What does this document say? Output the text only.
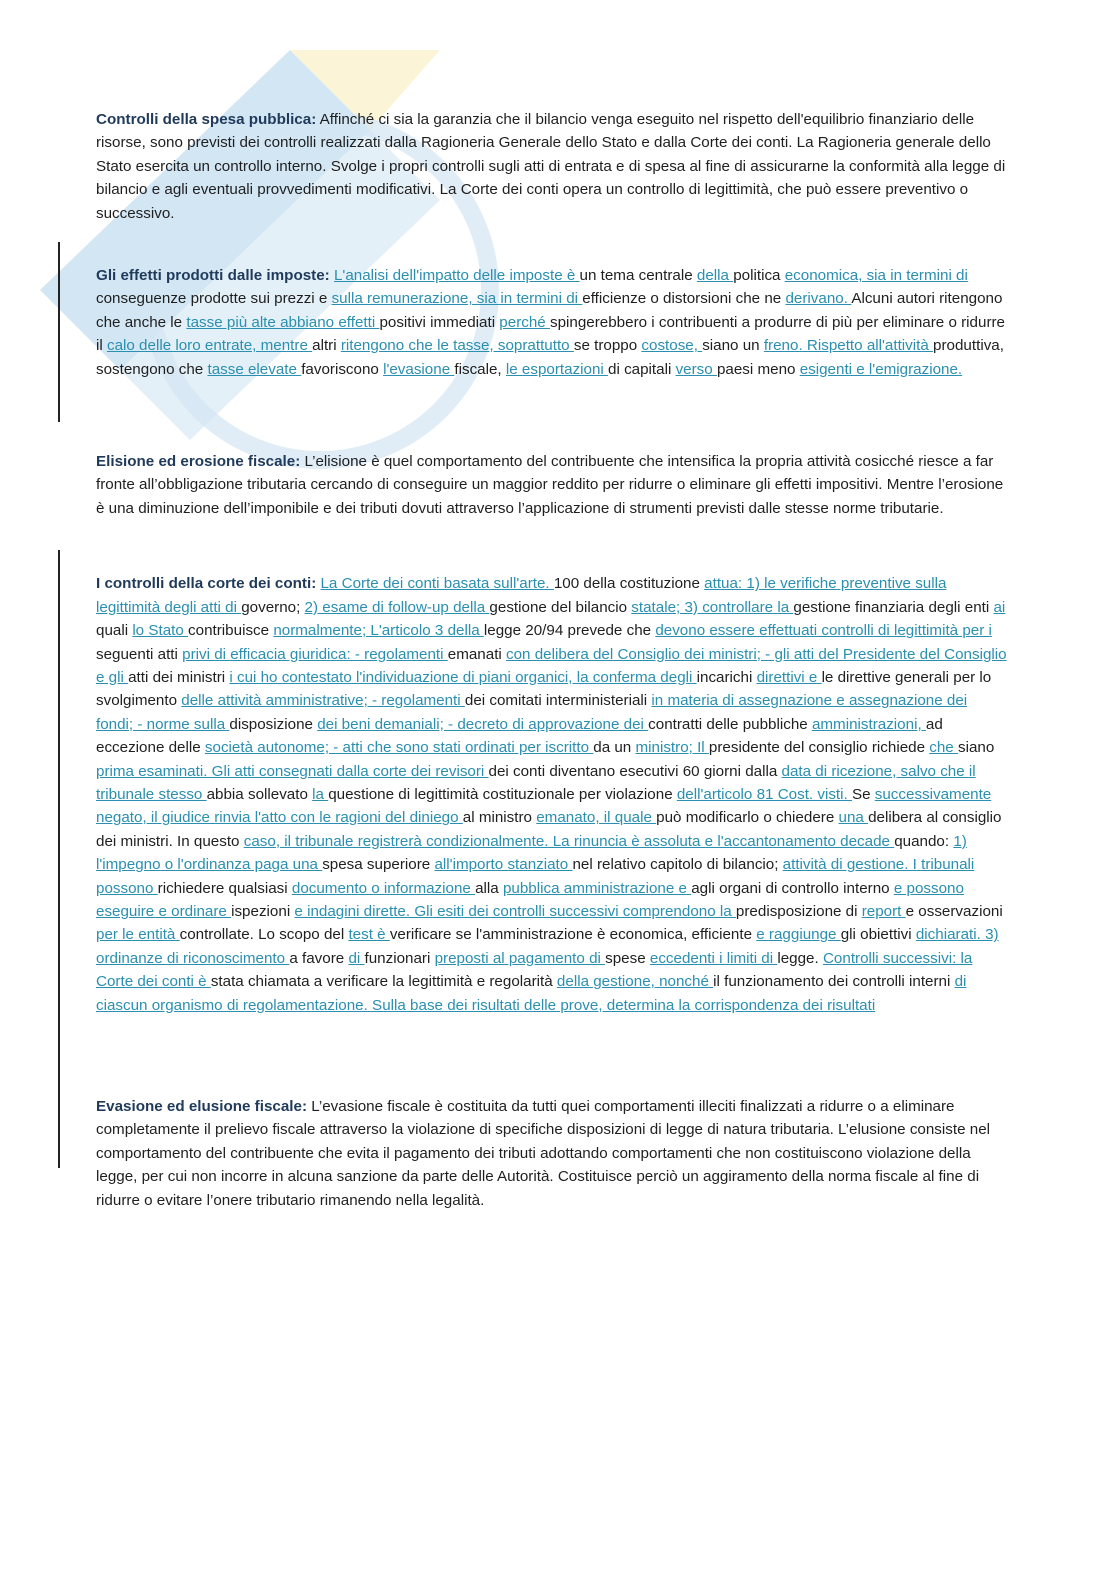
Controlli della spesa pubblica: Affinché ci sia la garanzia che il bilancio venga eseguito nel rispetto dell'equilibrio finanziario delle risorse, sono previsti dei controlli realizzati dalla Ragioneria Generale dello Stato e dalla Corte dei conti. La Ragioneria generale dello Stato esercita un controllo interno. Svolge i propri controlli sugli atti di entrata e di spesa al fine di assicurarne la conformità alla legge di bilancio e agli eventuali provvedimenti modificativi. La Corte dei conti opera un controllo di legittimità, che può essere preventivo o successivo.

Gli effetti prodotti dalle imposte: L'analisi dell'impatto delle imposte è un tema centrale della politica economica, sia in termini di conseguenze prodotte sui prezzi e sulla remunerazione, sia in termini di efficienze o distorsioni che ne derivano. Alcuni autori ritengono che anche le tasse più alte abbiano effetti positivi immediati perché spingerebbero i contribuenti a produrre di più per eliminare o ridurre il calo delle loro entrate, mentre altri ritengono che le tasse, soprattutto se troppo costose, siano un freno. Rispetto all'attività produttiva, sostengono che tasse elevate favoriscono l'evasione fiscale, le esportazioni di capitali verso paesi meno esigenti e l'emigrazione.

Elisione ed erosione fiscale: L’elisione è quel comportamento del contribuente che intensifica la propria attività cosicché riesce a far fronte all’obbligazione tributaria cercando di conseguire un maggior reddito per ridurre o eliminare gli effetti impositivi. Mentre l’erosione è una diminuzione dell’imponibile e dei tributi dovuti attraverso l’applicazione di strumenti previsti dalle stesse norme tributarie.

I controlli della corte dei conti: La Corte dei conti basata sull'arte. 100 della costituzione attua: 1) le verifiche preventive sulla legittimità degli atti di governo; 2) esame di follow-up della gestione del bilancio statale; 3) controllare la gestione finanziaria degli enti ai quali lo Stato contribuisce normalmente; L'articolo 3 della legge 20/94 prevede che devono essere effettuati controlli di legittimità per i seguenti atti privi di efficacia giuridica: - regolamenti emanati con delibera del Consiglio dei ministri; - gli atti del Presidente del Consiglio e gli atti dei ministri i cui ho contestato l'individuazione di piani organici, la conferma degli incarichi direttivi e le direttive generali per lo svolgimento delle attività amministrative; - regolamenti dei comitati interministeriali in materia di assegnazione e assegnazione dei fondi; - norme sulla disposizione dei beni demaniali; - decreto di approvazione dei contratti delle pubbliche amministrazioni, ad eccezione delle società autonome; - atti che sono stati ordinati per iscritto da un ministro; Il presidente del consiglio richiede che siano prima esaminati. Gli atti consegnati dalla corte dei revisori dei conti diventano esecutivi 60 giorni dalla data di ricezione, salvo che il tribunale stesso abbia sollevato la questione di legittimità costituzionale per violazione dell'articolo 81 Cost. visti. Se successivamente negato, il giudice rinvia l'atto con le ragioni del diniego al ministro emanato, il quale può modificarlo o chiedere una delibera al consiglio dei ministri. In questo caso, il tribunale registrerà condizionalmente. La rinuncia è assoluta e l'accantonamento decade quando: 1) l'impegno o l'ordinanza paga una spesa superiore all'importo stanziato nel relativo capitolo di bilancio; attività di gestione. I tribunali possono richiedere qualsiasi documento o informazione alla pubblica amministrazione e agli organi di controllo interno e possono eseguire e ordinare ispezioni e indagini dirette. Gli esiti dei controlli successivi comprendono la predisposizione di report e osservazioni per le entità controllate. Lo scopo del test è verificare se l'amministrazione è economica, efficiente e raggiunge gli obiettivi dichiarati. 3) ordinanze di riconoscimento a favore di funzionari preposti al pagamento di spese eccedenti i limiti di legge. Controlli successivi: la Corte dei conti è stata chiamata a verificare la legittimità e regolarità della gestione, nonché il funzionamento dei controlli interni di ciascun organismo di regolamentazione. Sulla base dei risultati delle prove, determina la corrispondenza dei risultati

Evasione ed elusione fiscale: L’evasione fiscale è costituita da tutti quei comportamenti illeciti finalizzati a ridurre o a eliminare completamente il prelievo fiscale attraverso la violazione di specifiche disposizioni di legge di natura tributaria. L’elusione consiste nel comportamento del contribuente che evita il pagamento dei tributi adottando comportamenti che non costituiscono violazione della legge, per cui non incorre in alcuna sanzione da parte delle Autorità. Costituisce perciò un aggiramento della norma fiscale al fine di ridurre o evitare l’onere tributario rimanendo nella legalità.
